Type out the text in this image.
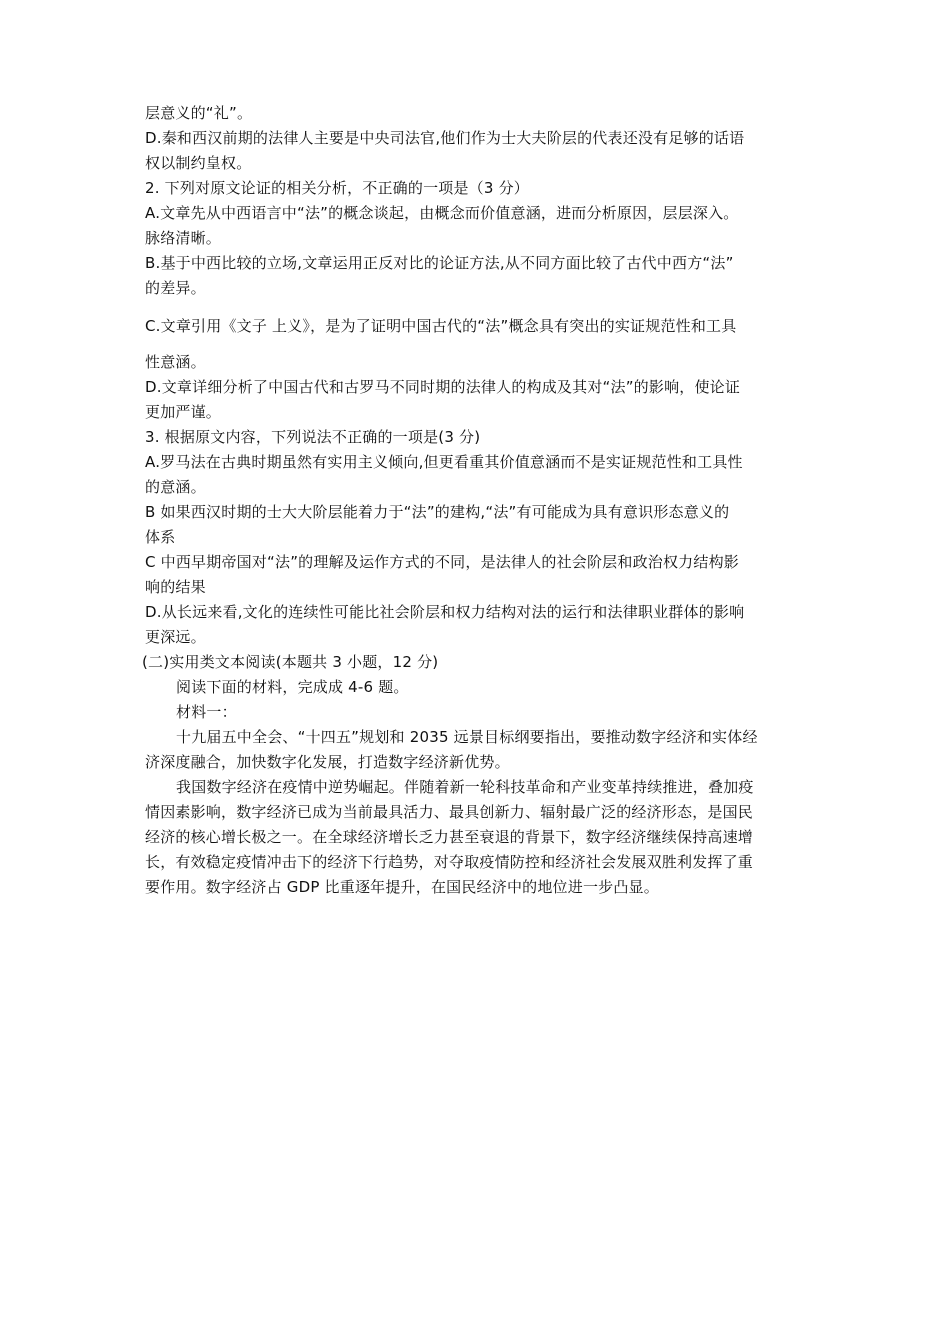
层意义的“礼”。
D.秦和西汉前期的法律人主要是中央司法官,他们作为士大夫阶层的代表还没有足够的话语
权以制约皇权。
2. 下列对原文论证的相关分析，不正确的一项是（3 分）
A.文章先从中西语言中“法”的概念谈起，由概念而价值意涵，进而分析原因，层层深入。
脉络清晰。
B.基于中西比较的立场,文章运用正反对比的论证方法,从不同方面比较了古代中西方“法”
的差异。
C.文章引用《文子 上义》，是为了证明中国古代的“法”概念具有突出的实证规范性和工具
性意涵。
D.文章详细分析了中国古代和古罗马不同时期的法律人的构成及其对“法”的影响，使论证
更加严谨。
3. 根据原文内容，下列说法不正确的一项是(3 分)
A.罗马法在古典时期虽然有实用主义倾向,但更看重其价值意涵而不是实证规范性和工具性
的意涵。
B 如果西汉时期的士大大阶层能着力于“法”的建构,“法”有可能成为具有意识形态意义的
体系
C 中西早期帝国对“法”的理解及运作方式的不同，是法律人的社会阶层和政治权力结构影
响的结果
D.从长远来看,文化的连续性可能比社会阶层和权力结构对法的运行和法律职业群体的影响
更深远。
(二)实用类文本阅读(本题共 3 小题，12 分)
阅读下面的材料，完成成 4-6 题。
材料一：
十九届五中全会、“十四五”规划和 2035 远景目标纲要指出，要推动数字经济和实体经
济深度融合，加快数字化发展，打造数字经济新优势。
我国数字经济在疫情中逆势崛起。伴随着新一轮科技革命和产业变革持续推进，叠加疫
情因素影响，数字经济已成为当前最具活力、最具创新力、辐射最广泛的经济形态，是国民
经济的核心增长极之一。在全球经济增长乏力甚至衰退的背景下，数字经济继续保持高速增
长，有效稳定疫情冲击下的经济下行趋势，对夺取疫情防控和经济社会发展双胜利发挥了重
要作用。数字经济占 GDP 比重逐年提升，在国民经济中的地位进一步凸显。
